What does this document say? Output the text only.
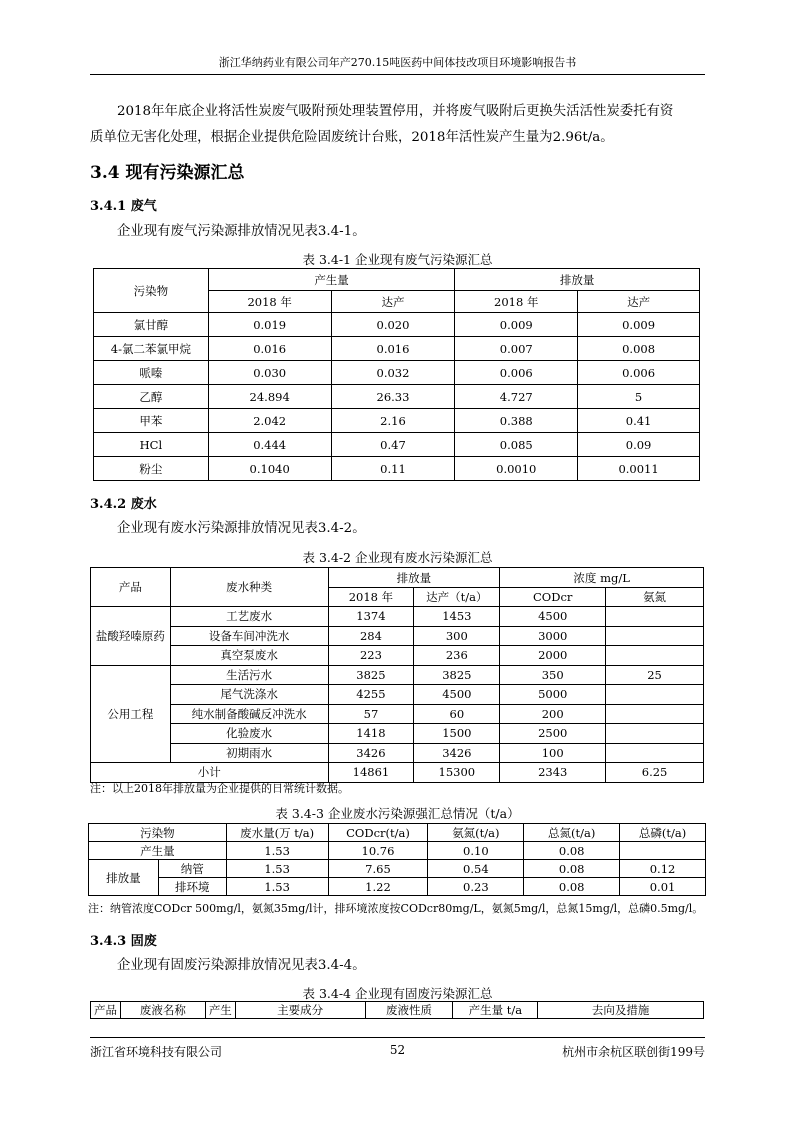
浙江华纳药业有限公司年产270.15吨医药中间体技改项目环境影响报告书
2018年年底企业将活性炭废气吸附预处理装置停用，并将废气吸附后更换失活活性炭委托有资
质单位无害化处理，根据企业提供危险固废统计台账，2018年活性炭产生量为2.96t/a。
3.4 现有污染源汇总
3.4.1 废气
企业现有废气污染源排放情况见表3.4-1。
表 3.4-1 企业现有废气污染源汇总
污染物	产生量		排放量	
	2018 年	达产	2018 年	达产
氯甘醇	0.019	0.020	0.009	0.009
4-氯二苯氯甲烷	0.016	0.016	0.007	0.008
哌嗪	0.030	0.032	0.006	0.006
乙醇	24.894	26.33	4.727	5
甲苯	2.042	2.16	0.388	0.41
HCl	0.444	0.47	0.085	0.09
粉尘	0.1040	0.11	0.0010	0.0011
3.4.2 废水
企业现有废水污染源排放情况见表3.4-2。
表 3.4-2 企业现有废水污染源汇总
产品	废水种类	排放量		浓度 mg/L	
		2018 年	达产（t/a）	CODcr	氨氮
盐酸羟嗪原药	工艺废水	1374	1453	4500	
	设备车间冲洗水	284	300	3000	
	真空泵废水	223	236	2000	
公用工程	生活污水	3825	3825	350	25
	尾气洗涤水	4255	4500	5000	
	纯水制备酸碱反冲洗水	57	60	200	
	化验废水	1418	1500	2500	
	初期雨水	3426	3426	100	
小计		14861	15300	2343	6.25
注：以上2018年排放量为企业提供的日常统计数据。
表 3.4-3 企业废水污染源强汇总情况（t/a）
污染物		废水量(万 t/a)	CODcr(t/a)	氨氮(t/a)	总氮(t/a)	总磷(t/a)
产生量		1.53	10.76	0.10	0.08	
排放量	纳管	1.53	7.65	0.54	0.08	0.12
	排环境	1.53	1.22	0.23	0.08	0.01
注：纳管浓度CODcr 500mg/l，氨氮35mg/l计，排环境浓度按CODcr80mg/L，氨氮5mg/l，总氮15mg/l，总磷0.5mg/l。
3.4.3 固废
企业现有固废污染源排放情况见表3.4-4。
表 3.4-4 企业现有固废污染源汇总
产品	废液名称	产生	主要成分	废液性质	产生量 t/a	去向及措施
浙江省环境科技有限公司	52	杭州市余杭区联创街199号
